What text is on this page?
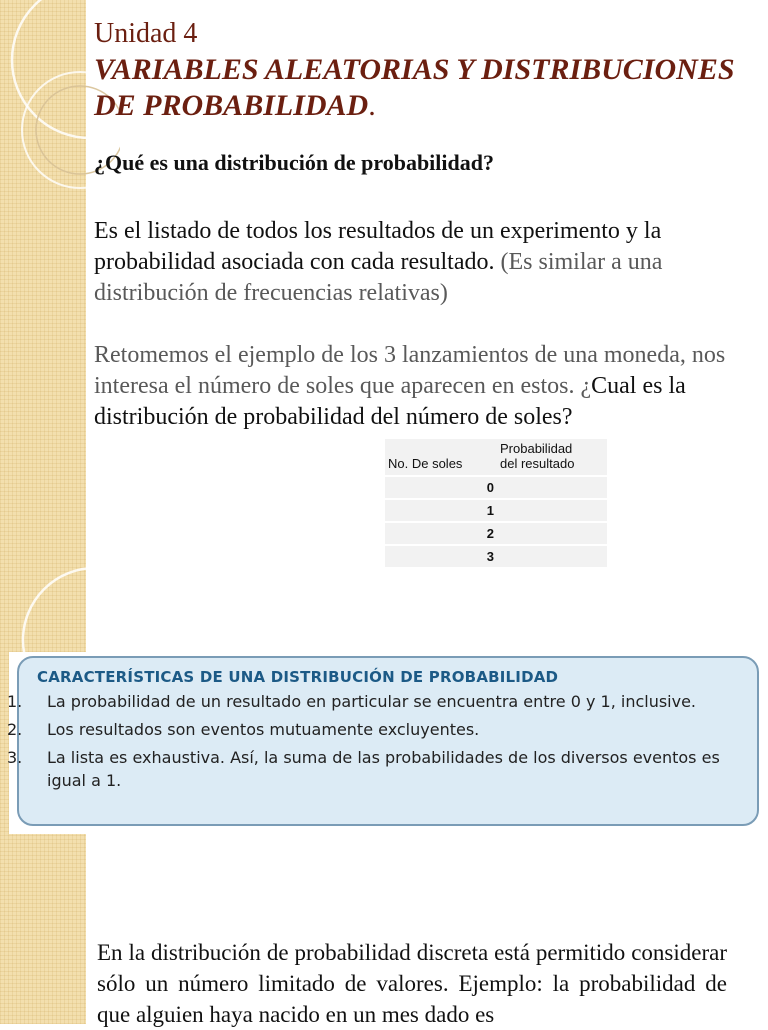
Unidad 4
VARIABLES ALEATORIAS Y DISTRIBUCIONES DE PROBABILIDAD.
¿Qué es una distribución de probabilidad?
Es el listado de todos los resultados de un experimento y la probabilidad asociada con cada resultado. (Es similar a una distribución de frecuencias relativas)
Retomemos el ejemplo de los 3 lanzamientos de una moneda, nos interesa el número de soles que aparecen en estos. ¿Cual es la distribución de probabilidad del número de soles?
No. De soles	Probabilidad
del resultado
0	
1	
2	
3	
CARACTERÍSTICAS DE UNA DISTRIBUCIÓN DE PROBABILIDAD
1. La probabilidad de un resultado en particular se encuentra entre 0 y 1, inclusive.
2. Los resultados son eventos mutuamente excluyentes.
3. La lista es exhaustiva. Así, la suma de las probabilidades de los diversos eventos es igual a 1.
En la distribución de probabilidad discreta está permitido considerar sólo un número limitado de valores. Ejemplo: la probabilidad de que alguien haya nacido en un mes dado es
